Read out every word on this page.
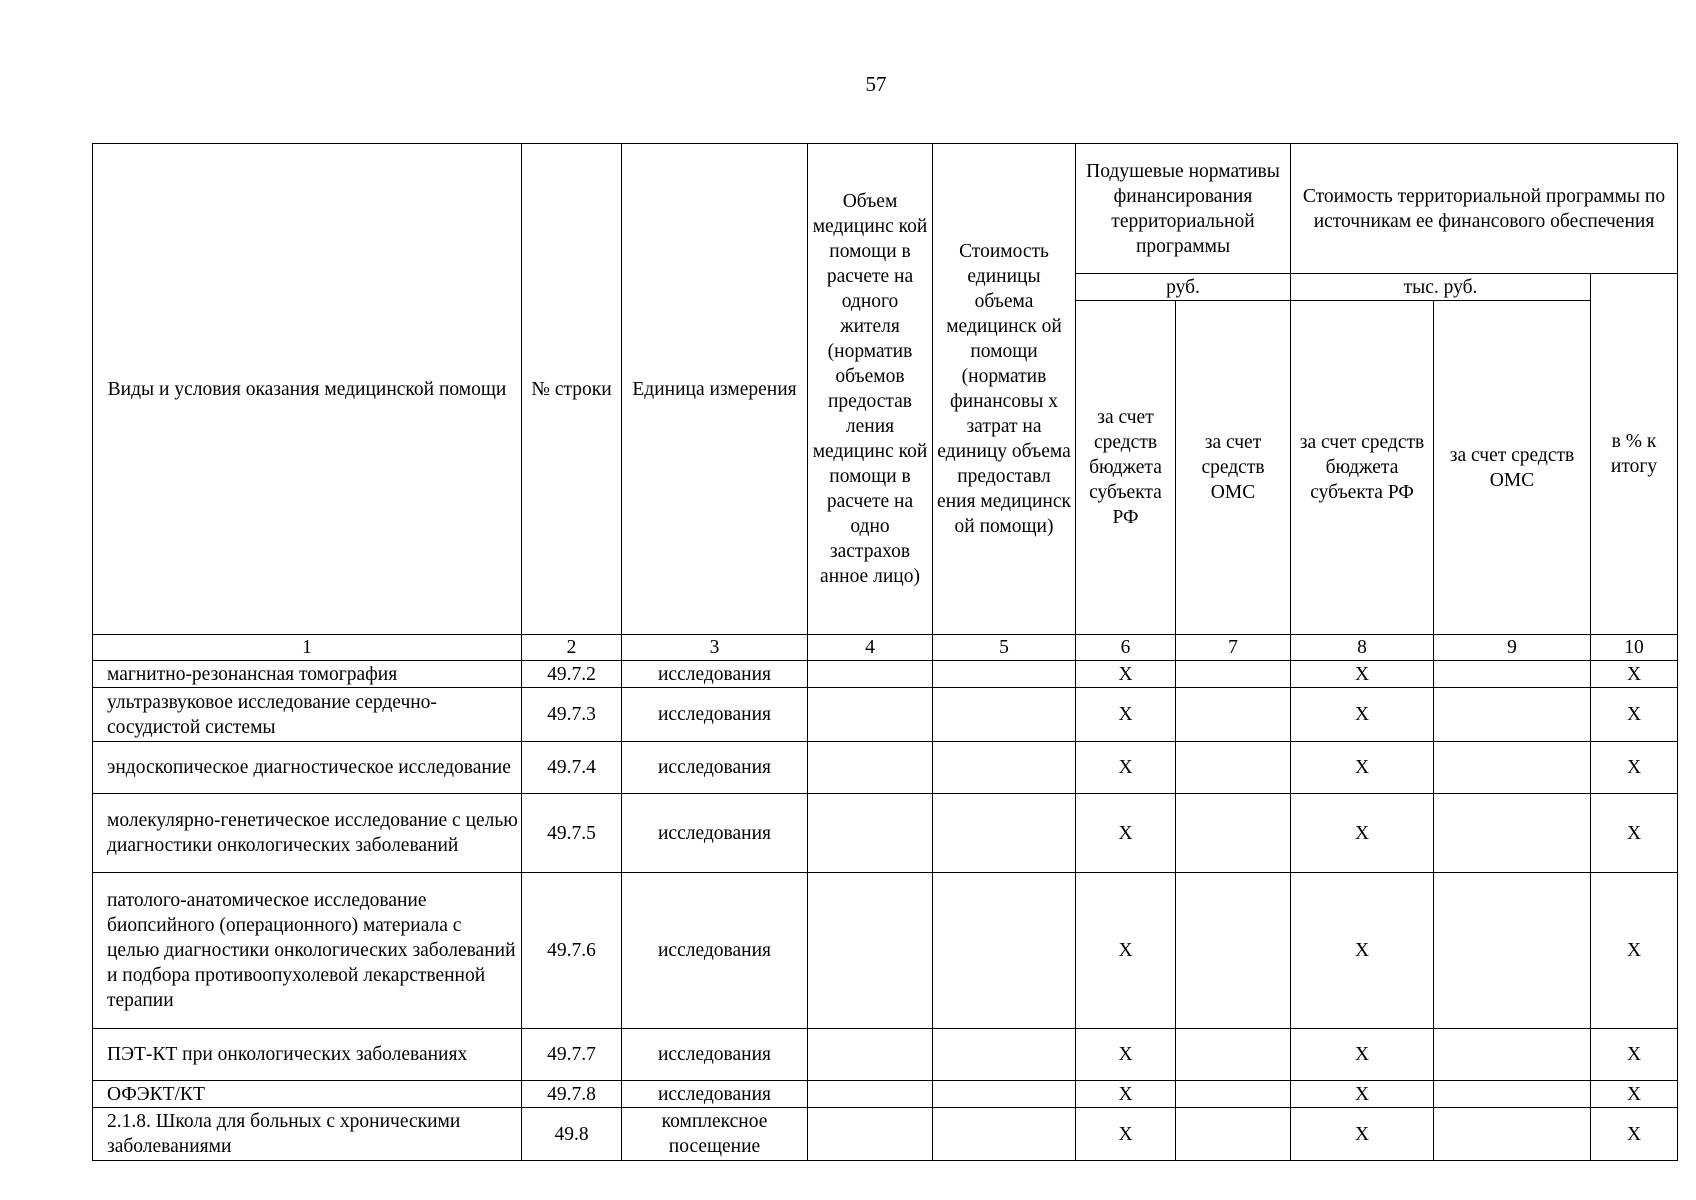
57
Виды и условия оказания медицинской помощи	№ строки	Единица измерения	Объем медицинс кой помощи в расчете на одного жителя (норматив объемов предостав ления медицинс кой помощи в расчете на одно застрахов анное лицо)	Стоимость единицы объема медицинск ой помощи (норматив финансовы х затрат на единицу объема предоставл ения медицинск ой помощи)	Подушевые нормативы финансирования территориальной программы		Стоимость территориальной программы по источникам ее финансового обеспечения		
					руб.		тыс. руб.		в % к итогу
					за счет средств бюджета субъекта РФ	за счет средств ОМС	за счет средств бюджета субъекта РФ	за счет средств ОМС	
1	2	3	4	5	6	7	8	9	10
магнитно-резонансная томография	49.7.2	исследования			Х		Х		Х
ультразвуковое исследование сердечно-сосудистой системы	49.7.3	исследования			Х		Х		Х
эндоскопическое диагностическое исследование	49.7.4	исследования			Х		Х		Х
молекулярно-генетическое исследование с целью диагностики онкологических заболеваний	49.7.5	исследования			Х		Х		Х
патолого-анатомическое исследование биопсийного (операционного) материала с целью диагностики онкологических заболеваний и подбора противоопухолевой лекарственной терапии	49.7.6	исследования			Х		Х		Х
ПЭТ-КТ при онкологических заболеваниях	49.7.7	исследования			Х		Х		Х
ОФЭКТ/КТ	49.7.8	исследования			Х		Х		Х
2.1.8. Школа для больных с хроническими заболеваниями	49.8	комплексное посещение			Х		Х		Х
